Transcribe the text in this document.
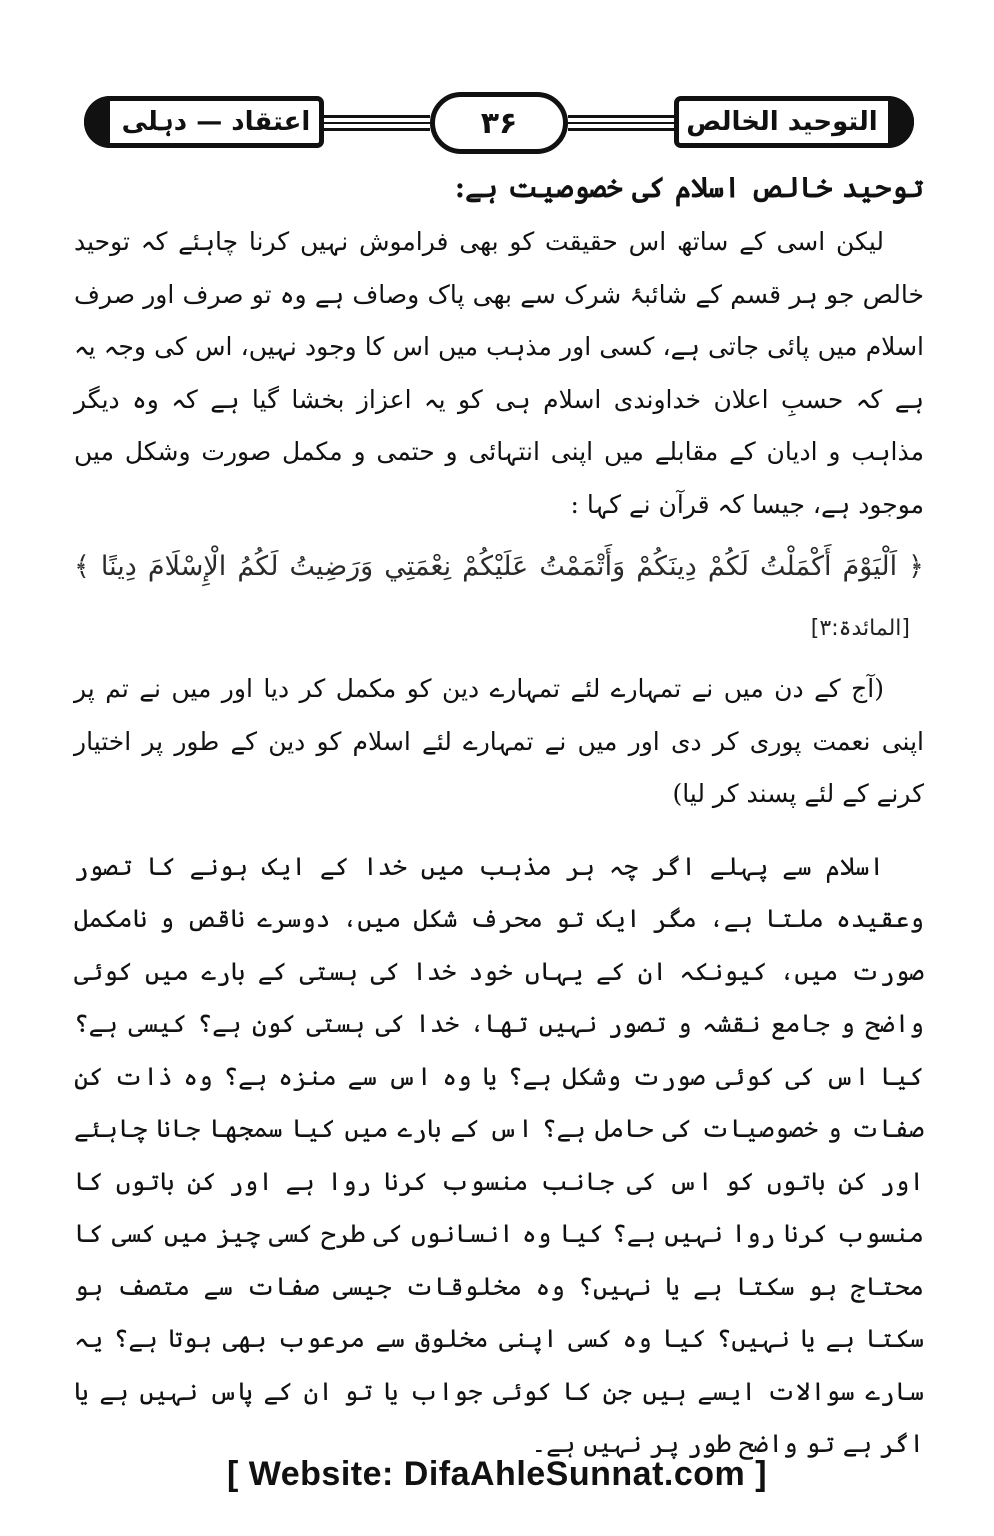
التوحید الخالص
۳۶
اعتقاد — دہلی

توحید خالص اسلام کی خصوصیت ہے:

لیکن اسی کے ساتھ اس حقیقت کو بھی فراموش نہیں کرنا چاہئے کہ توحید خالص جو ہر قسم کے شائبۂ شرک سے بھی پاک وصاف ہے وہ تو صرف اور صرف اسلام میں پائی جاتی ہے، کسی اور مذہب میں اس کا وجود نہیں، اس کی وجہ یہ ہے کہ حسبِ اعلان خداوندی اسلام ہی کو یہ اعزاز بخشا گیا ہے کہ وہ دیگر مذاہب و ادیان کے مقابلے میں اپنی انتہائی و حتمی و مکمل صورت وشکل میں موجود ہے، جیسا کہ قرآن نے کہا :

﴿ اَلْيَوْمَ أَكْمَلْتُ لَكُمْ دِينَكُمْ وَأَتْمَمْتُ عَلَيْكُمْ نِعْمَتِي وَرَضِيتُ لَكُمُ الْإِسْلَامَ دِينًا ﴾ [المائدۃ:۳]

(آج کے دن میں نے تمہارے لئے تمہارے دین کو مکمل کر دیا اور میں نے تم پر اپنی نعمت پوری کر دی اور میں نے تمہارے لئے اسلام کو دین کے طور پر اختیار کرنے کے لئے پسند کر لیا)

اسلام سے پہلے اگر چہ ہر مذہب میں خدا کے ایک ہونے کا تصور وعقیدہ ملتا ہے، مگر ایک تو محرف شکل میں، دوسرے ناقص و نامکمل صورت میں، کیونکہ ان کے یہاں خود خدا کی ہستی کے بارے میں کوئی واضح و جامع نقشہ و تصور نہیں تھا، خدا کی ہستی کون ہے؟ کیسی ہے؟ کیا اس کی کوئی صورت وشکل ہے؟ یا وہ اس سے منزہ ہے؟ وہ ذات کن صفات و خصوصیات کی حامل ہے؟ اس کے بارے میں کیا سمجھا جانا چاہئے اور کن باتوں کو اس کی جانب منسوب کرنا روا ہے اور کن باتوں کا منسوب کرنا روا نہیں ہے؟ کیا وہ انسانوں کی طرح کسی چیز میں کسی کا محتاج ہو سکتا ہے یا نہیں؟ وہ مخلوقات جیسی صفات سے متصف ہو سکتا ہے یا نہیں؟ کیا وہ کسی اپنی مخلوق سے مرعوب بھی ہوتا ہے؟ یہ سارے سوالات ایسے ہیں جن کا کوئی جواب یا تو ان کے پاس نہیں ہے یا اگر ہے تو واضح طور پر نہیں ہے۔

[ Website: DifaAhleSunnat.com ]
